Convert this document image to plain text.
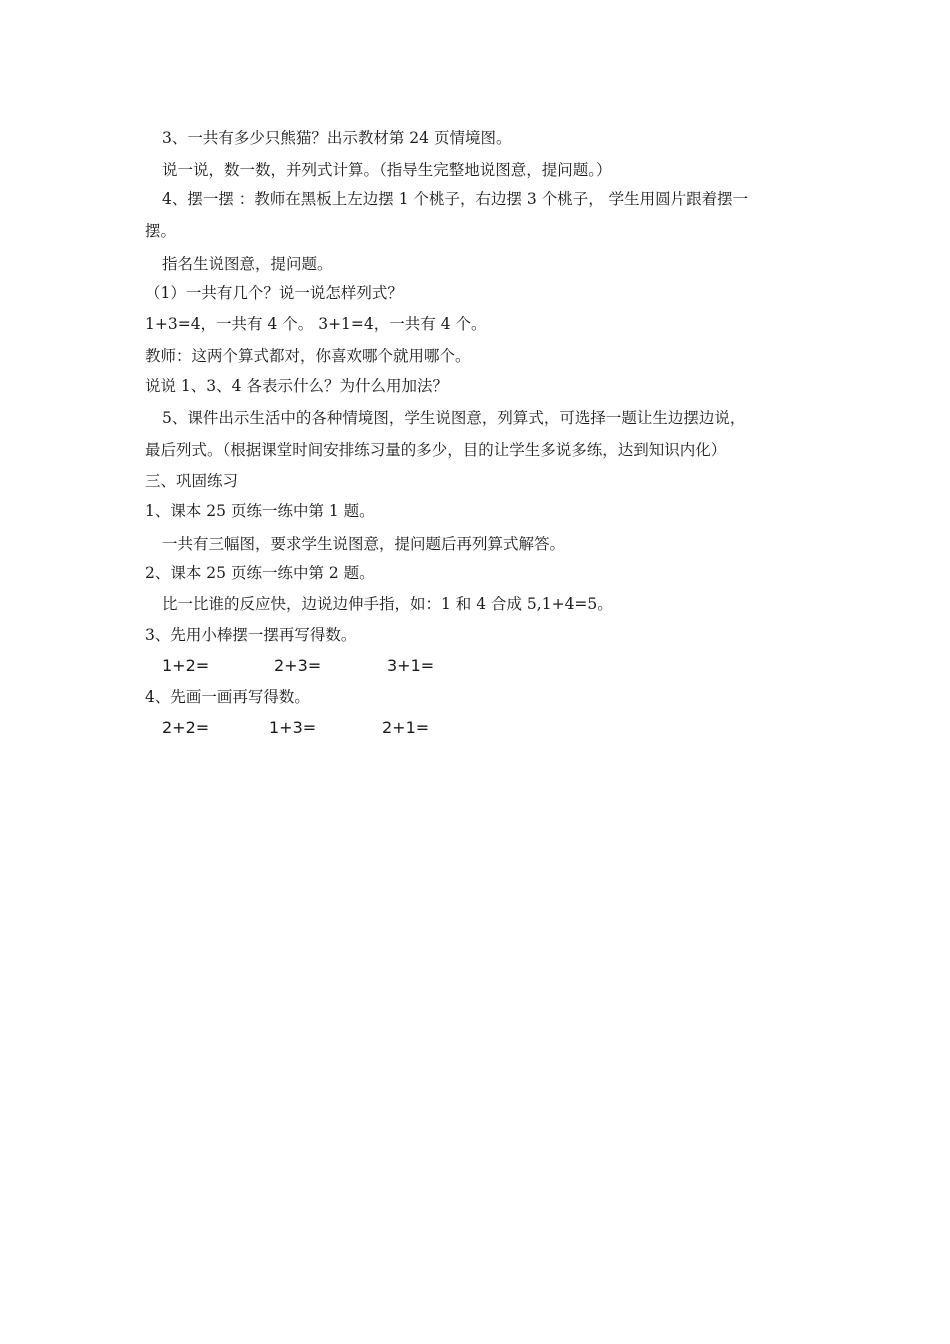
3、一共有多少只熊猫？出示教材第 24 页情境图。
说一说，数一数，并列式计算。（指导生完整地说图意，提问题。）
4、摆一摆 ：教师在黑板上左边摆 1 个桃子，右边摆 3 个桃子， 学生用圆片跟着摆一
摆。
指名生说图意，提问题。
（1）一共有几个？说一说怎样列式？
1+3=4，一共有 4 个。 3+1=4，一共有 4 个。
教师：这两个算式都对，你喜欢哪个就用哪个。
说说 1、3、4 各表示什么？为什么用加法？
5、课件出示生活中的各种情境图，学生说图意，列算式，可选择一题让生边摆边说，
最后列式。（根据课堂时间安排练习量的多少，目的让学生多说多练，达到知识内化）
三、巩固练习
1、课本 25 页练一练中第 1 题。
一共有三幅图，要求学生说图意，提问题后再列算式解答。
2、课本 25 页练一练中第 2 题。
比一比谁的反应快，边说边伸手指，如：1 和 4 合成 5,1+4=5。
3、先用小棒摆一摆再写得数。
1+2=	2+3=	3+1=
4、先画一画再写得数。
2+2=	1+3=	2+1=
